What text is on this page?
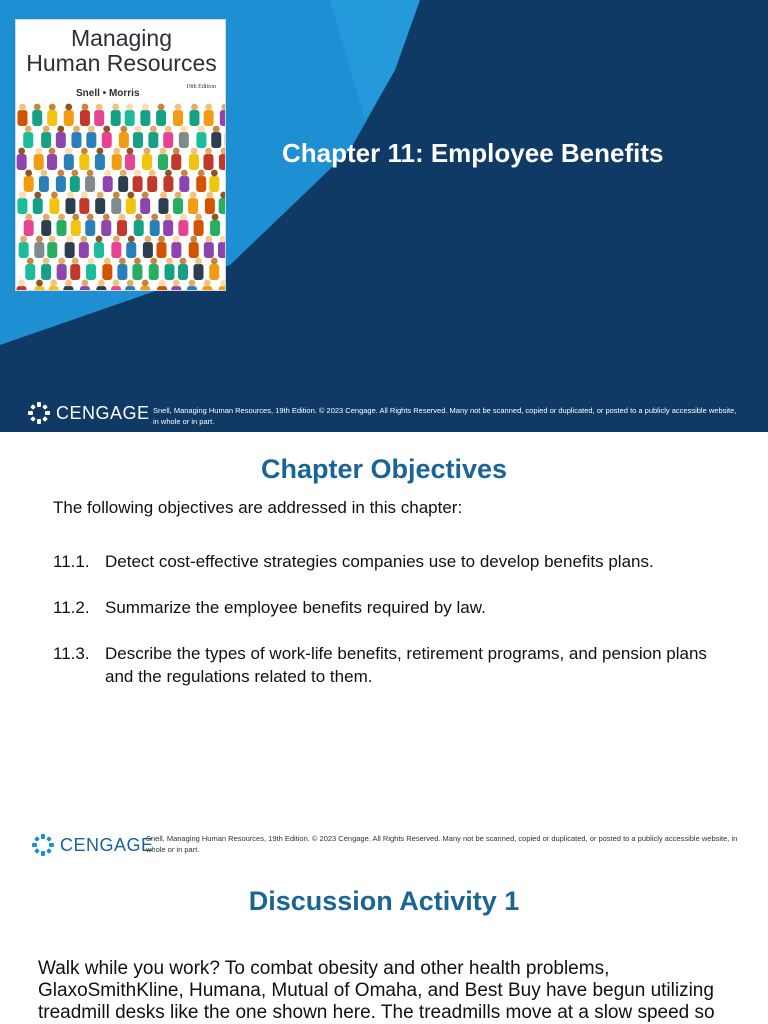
Managing
Human Resources
19th Edition
Snell • Morris
Chapter 11: Employee Benefits
CENGAGE Snell, Managing Human Resources, 19th Edition. © 2023 Cengage. All Rights Reserved. Many not be scanned, copied or duplicated, or posted to a publicly accessible website, in whole or in part.

Chapter Objectives

The following objectives are addressed in this chapter:

11.1. Detect cost-effective strategies companies use to develop benefits plans.
11.2. Summarize the employee benefits required by law.
11.3. Describe the types of work-life benefits, retirement programs, and pension plans and the regulations related to them.
CENGAGE

Snell, Managing Human Resources, 19th Edition. © 2023 Cengage. All Rights Reserved. Many not be scanned, copied or duplicated, or posted to a publicly accessible website, in whole or in part.

Discussion Activity 1

Walk while you work? To combat obesity and other health problems, GlaxoSmithKline, Humana, Mutual of Omaha, and Best Buy have begun utilizing treadmill desks like the one shown here. The treadmills move at a slow speed so
